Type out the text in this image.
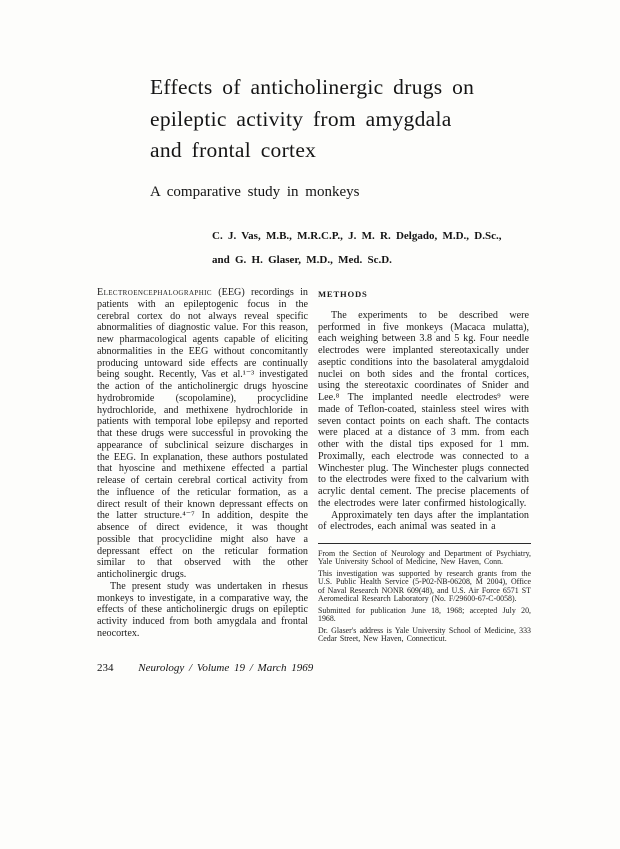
Effects of anticholinergic drugs on
epileptic activity from amygdala
and frontal cortex
A comparative study in monkeys
C. J. Vas, M.B., M.R.C.P., J. M. R. Delgado, M.D., D.Sc.,
and G. H. Glaser, M.D., Med. Sc.D.

Electroencephalographic (EEG) recordings in patients with an epileptogenic focus in the cerebral cortex do not always reveal specific abnormalities of diagnostic value. For this reason, new pharmacological agents capable of eliciting abnormalities in the EEG without concomitantly producing untoward side effects are continually being sought. Recently, Vas et al.¹⁻³ investigated the action of the anticholinergic drugs hyoscine hydrobromide (scopolamine), procyclidine hydrochloride, and methixene hydrochloride in patients with temporal lobe epilepsy and reported that these drugs were successful in provoking the appearance of subclinical seizure discharges in the EEG. In explanation, these authors postulated that hyoscine and methixene effected a partial release of certain cerebral cortical activity from the influence of the reticular formation, as a direct result of their known depressant effects on the latter structure.⁴⁻⁷ In addition, despite the absence of direct evidence, it was thought possible that procyclidine might also have a depressant effect on the reticular formation similar to that observed with the other anticholinergic drugs.

The present study was undertaken in rhesus monkeys to investigate, in a comparative way, the effects of these anticholinergic drugs on epileptic activity induced from both amygdala and frontal neocortex.

METHODS

The experiments to be described were performed in five monkeys (Macaca mulatta), each weighing between 3.8 and 5 kg. Four needle electrodes were implanted stereotaxically under aseptic conditions into the basolateral amygdaloid nuclei on both sides and the frontal cortices, using the stereotaxic coordinates of Snider and Lee.⁸ The implanted needle electrodes⁹ were made of Teflon-coated, stainless steel wires with seven contact points on each shaft. The contacts were placed at a distance of 3 mm. from each other with the distal tips exposed for 1 mm. Proximally, each electrode was connected to a Winchester plug. The Winchester plugs connected to the electrodes were fixed to the calvarium with acrylic dental cement. The precise placements of the electrodes were later confirmed histologically.

Approximately ten days after the implantation of electrodes, each animal was seated in a

From the Section of Neurology and Department of Psychiatry, Yale University School of Medicine, New Haven, Conn.

This investigation was supported by research grants from the U.S. Public Health Service (5-P02-NB-06208, M 2004), Office of Naval Research NONR 609(48), and U.S. Air Force 6571 ST Aeromedical Research Laboratory (No. F/29600-67-C-0058).

Submitted for publication June 18, 1968; accepted July 20, 1968.

Dr. Glaser's address is Yale University School of Medicine, 333 Cedar Street, New Haven, Connecticut.

234 Neurology / Volume 19 / March 1969
